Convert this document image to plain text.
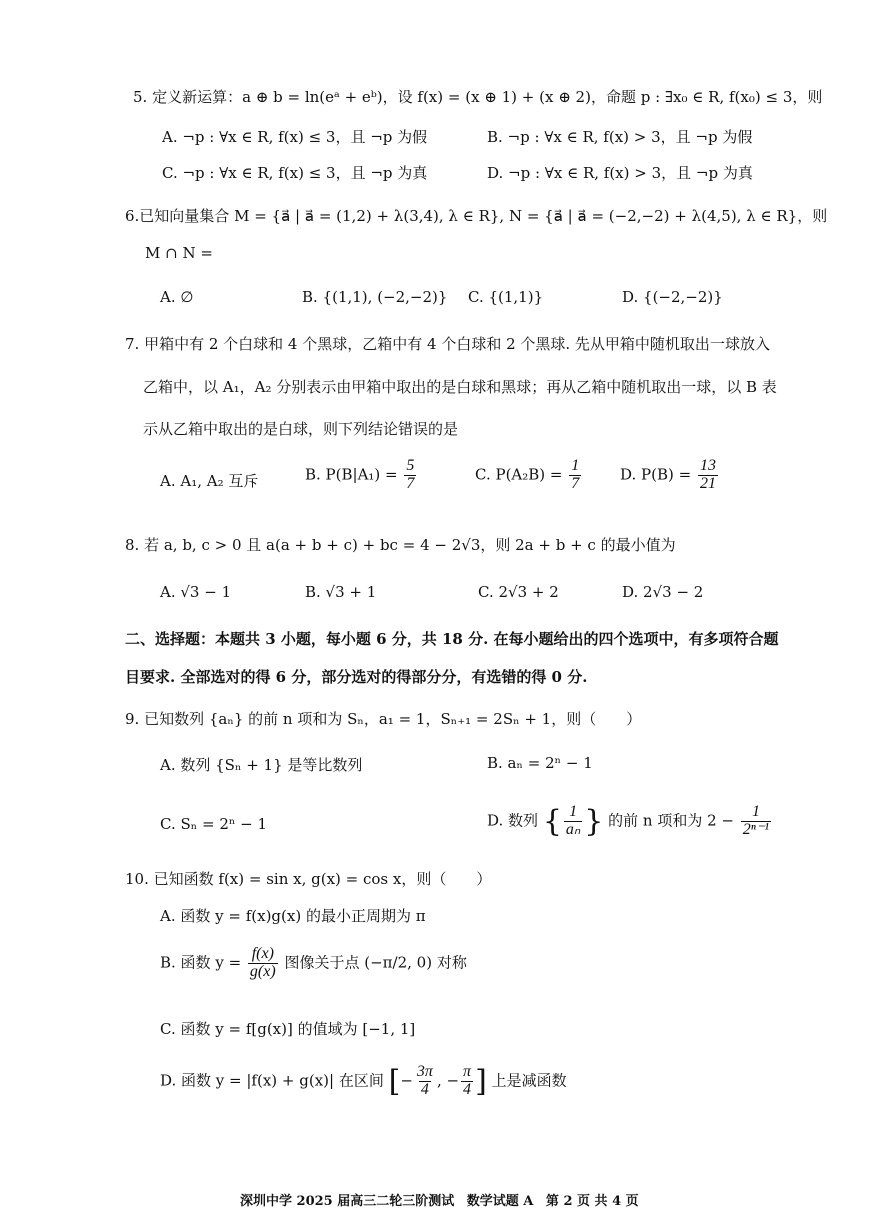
5. 定义新运算：a ⊕ b = ln(eᵃ + eᵇ)，设 f(x) = (x ⊕ 1) + (x ⊕ 2)，命题 p : ∃x₀ ∈ R, f(x₀) ≤ 3，则
A. ¬p : ∀x ∈ R, f(x) ≤ 3，且 ¬p 为假	B. ¬p : ∀x ∈ R, f(x) > 3，且 ¬p 为假
C. ¬p : ∀x ∈ R, f(x) ≤ 3，且 ¬p 为真	D. ¬p : ∀x ∈ R, f(x) > 3，且 ¬p 为真
6.已知向量集合 M = {a⃗ | a⃗ = (1,2) + λ(3,4), λ ∈ R}, N = {a⃗ | a⃗ = (−2,−2) + λ(4,5), λ ∈ R}，则
M ∩ N =
A. ∅	B. {(1,1), (−2,−2)} C. {(1,1)}	D. {(−2,−2)}
7. 甲箱中有 2 个白球和 4 个黑球，乙箱中有 4 个白球和 2 个黑球. 先从甲箱中随机取出一球放入
乙箱中，以 A₁，A₂ 分别表示由甲箱中取出的是白球和黑球；再从乙箱中随机取出一球，以 B 表
示从乙箱中取出的是白球，则下列结论错误的是
A. A₁, A₂ 互斥	B. $P(B|A_1) = \frac{5}{7}$	C. $P(A_2B) = \frac{1}{7}$	D. $P(B) = \frac{13}{21}$
8. 若 a, b, c > 0 且 a(a + b + c) + bc = 4 − 2√3，则 2a + b + c 的最小值为
A. √3 − 1	B. √3 + 1	C. 2√3 + 2	D. 2√3 − 2
二、选择题：本题共 3 小题，每小题 6 分，共 18 分. 在每小题给出的四个选项中，有多项符合题
目要求. 全部选对的得 6 分，部分选对的得部分分，有选错的得 0 分.
9. 已知数列 {aₙ} 的前 n 项和为 Sₙ，a₁ = 1，Sₙ₊₁ = 2Sₙ + 1，则（　　）
A. 数列 {Sₙ + 1} 是等比数列	B. aₙ = 2ⁿ − 1
C. Sₙ = 2ⁿ − 1	D. 数列 { $\frac{1}{\text{aₙ}}$ } 的前 n 项和为 $2 - \frac{1}{\text{2ⁿ⁻¹}}$
10. 已知函数 f(x) = sin x, g(x) = cos x，则（　　）
A. 函数 y = f(x)g(x) 的最小正周期为 π
B. 函数 $y = \frac{f(x)}{g(x)}$ 图像关于点 (−π/2, 0) 对称
C. 函数 y = f[g(x)] 的值域为 [−1, 1]
D. 函数 y = |f(x) + g(x)| 在区间 [− $\frac{3\pi}{4}$ , − $\frac{\pi}{4}$ ] 上是减函数
深圳中学 2025 届高三二轮三阶测试 数学试题 A 第 2 页 共 4 页
